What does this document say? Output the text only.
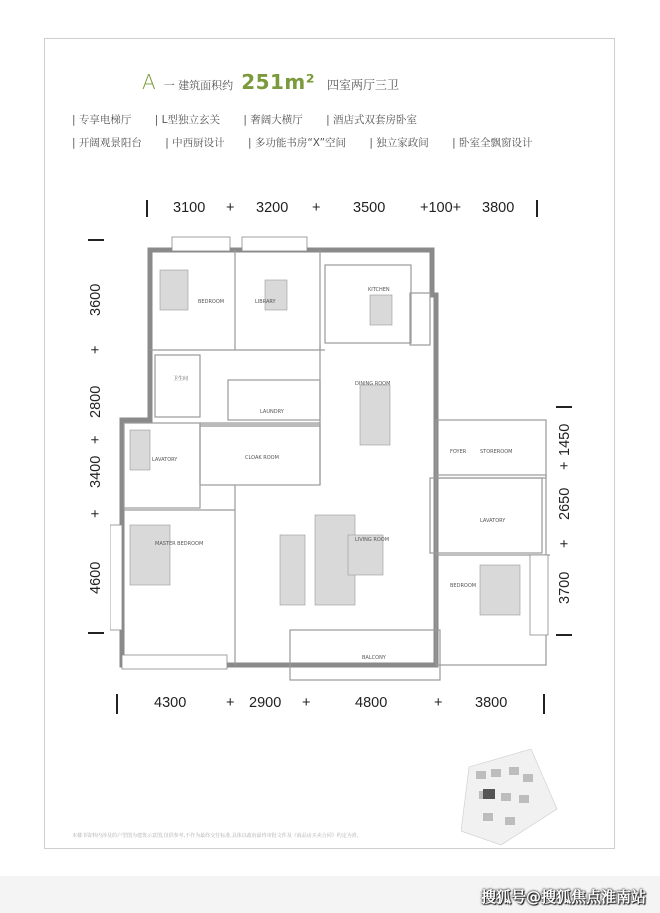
A 一 建筑面积约 251m² 四室两厅三卫
| 专享电梯厅 | L型独立玄关 | 奢阔大横厅 | 酒店式双套房卧室
| 开阔观景阳台 | 中西厨设计 | 多功能书房“X”空间 | 独立家政间 | 卧室全飘窗设计
3100 + 3200 + 3500 +100+ 3800
4300	+ 2900 +	4800	+ 3800
3600
+
2800
+
3400
+
4600
1450
+
2650
+
3700
BEDROOM	LIBRARY
KITCHEN
DINING ROOM
LAUNDRY
卫生间
LAVATORY	CLOAK ROOM
FOYER	STOREROOM
LAVATORY
MASTER BEDROOM
LIVING ROOM
BEDROOM
BALCONY
本楼书资料内涉及的户型图为建筑示意图,仅供参考,不作为最终交付标准,具体以政府最终审批文件及《商品房买卖合同》约定为准。
搜狐号@搜狐焦点淮南站
